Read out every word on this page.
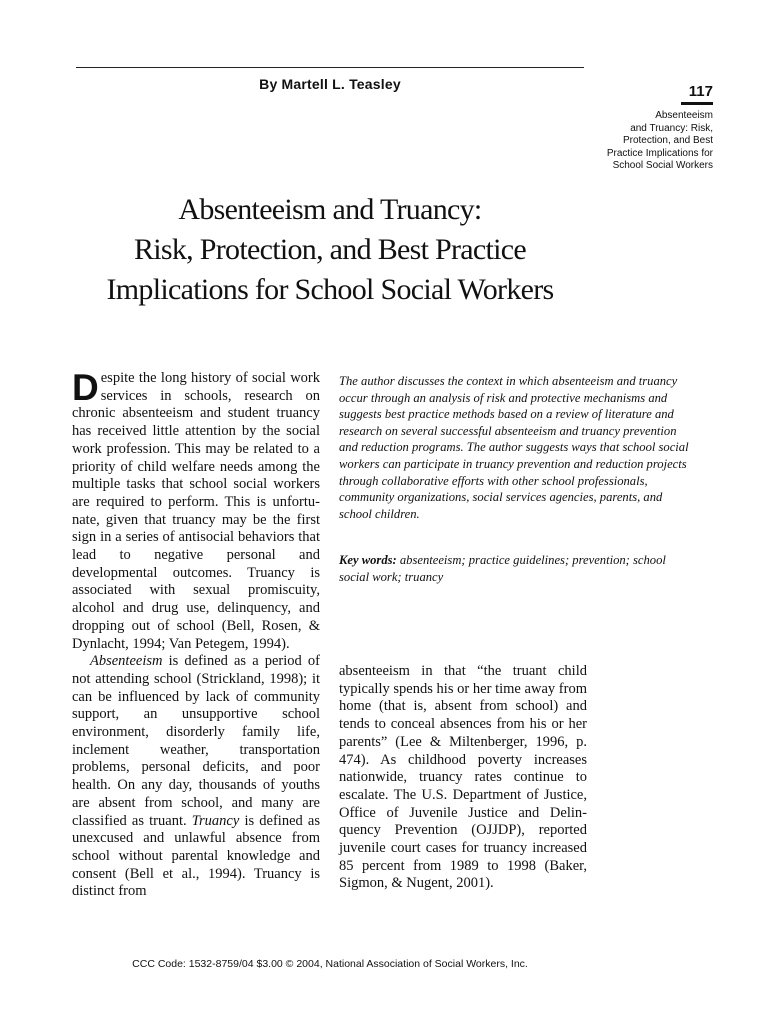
By Martell L. Teasley	117
Absenteeism
and Truancy: Risk,
Protection, and Best
Practice Implications for
School Social Workers
Absenteeism and Truancy:
Risk, Protection, and Best Practice
Implications for School Social Workers

Despite the long history of social work services in schools, research on chronic absenteeism and student truancy has received little attention by the social work profession. This may be related to a priority of child welfare needs among the multiple tasks that school social workers are required to perform. This is unfortunate, given that truancy may be the first sign in a series of antisocial behaviors that lead to negative personal and developmental outcomes. Truancy is associated with sexual promiscuity, alcohol and drug use, delinquency, and dropping out of school (Bell, Rosen, & Dynlacht, 1994; Van Petegem, 1994).

Absenteeism is defined as a period of not attending school (Strickland, 1998); it can be influenced by lack of community support, an unsupportive school environment, disorderly family life, inclement weather, transportation problems, personal deficits, and poor health. On any day, thousands of youths are absent from school, and many are classified as truant. Truancy is defined as unexcused and unlawful absence from school without parental knowledge and consent (Bell et al., 1994). Truancy is distinct from

The author discusses the context in which absenteeism and truancy occur through an analysis of risk and protective mechanisms and suggests best practice methods based on a review of literature and research on several successful absenteeism and truancy prevention and reduction programs. The author suggests ways that school social workers can participate in truancy prevention and reduction projects through collaborative efforts with other school professionals, community organizations, social services agencies, parents, and school children.

Key words: absenteeism; practice guidelines; prevention; school social work; truancy

absenteeism in that “the truant child typically spends his or her time away from home (that is, absent from school) and tends to conceal absences from his or her parents” (Lee & Miltenberger, 1996, p. 474). As childhood poverty increases nationwide, truancy rates continue to escalate. The U.S. Department of Justice, Office of Juvenile Justice and Delinquency Prevention (OJJDP), reported juvenile court cases for truancy increased 85 percent from 1989 to 1998 (Baker, Sigmon, & Nugent, 2001).

CCC Code: 1532-8759/04 $3.00 © 2004, National Association of Social Workers, Inc.
